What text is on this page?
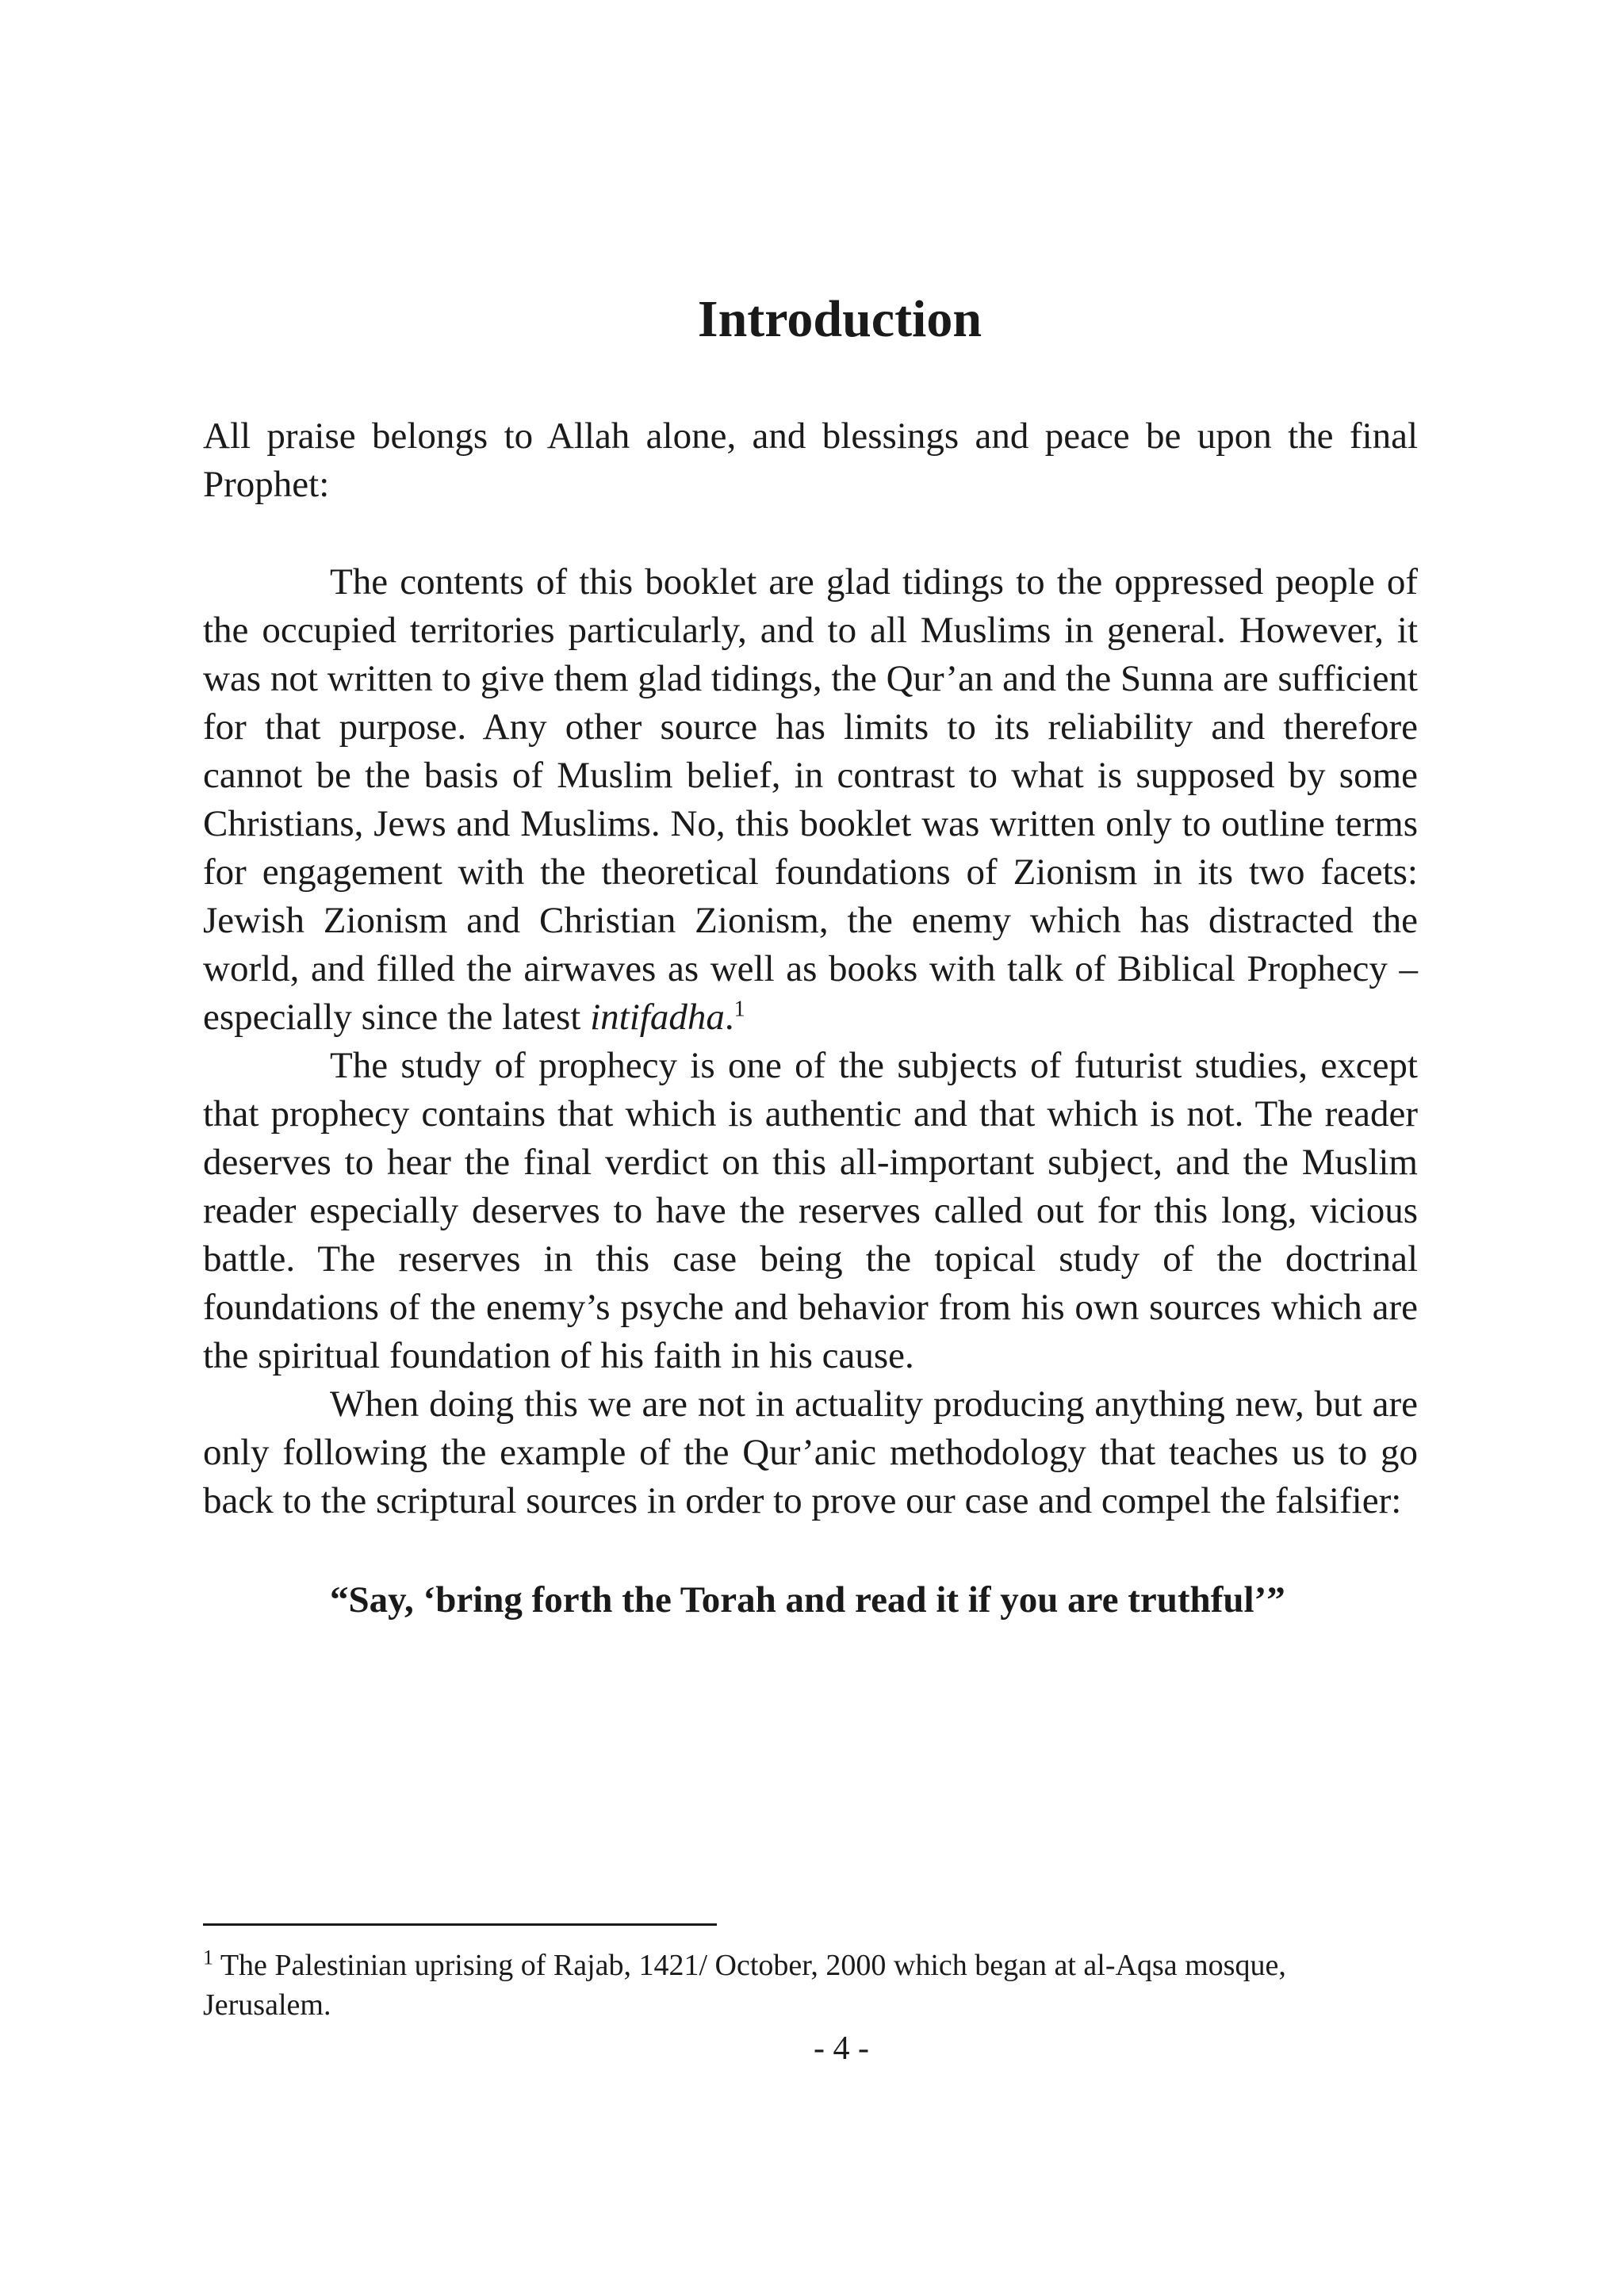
Introduction

All praise belongs to Allah alone, and blessings and peace be upon the final Prophet:

The contents of this booklet are glad tidings to the oppressed people of the occupied territories particularly, and to all Muslims in general. However, it was not written to give them glad tidings, the Qur’an and the Sunna are sufficient for that purpose. Any other source has limits to its reliability and therefore cannot be the basis of Muslim belief, in contrast to what is supposed by some Christians, Jews and Muslims. No, this booklet was written only to outline terms for engagement with the theoretical foundations of Zionism in its two facets: Jewish Zionism and Christian Zionism, the enemy which has distracted the world, and filled the airwaves as well as books with talk of Biblical Prophecy –especially since the latest intifadha.$^1$

The study of prophecy is one of the subjects of futurist studies, except that prophecy contains that which is authentic and that which is not. The reader deserves to hear the final verdict on this all-important subject, and the Muslim reader especially deserves to have the reserves called out for this long, vicious battle. The reserves in this case being the topical study of the doctrinal foundations of the enemy’s psyche and behavior from his own sources which are the spiritual foundation of his faith in his cause.

When doing this we are not in actuality producing anything new, but are only following the example of the Qur’anic methodology that teaches us to go back to the scriptural sources in order to prove our case and compel the falsifier:

“Say, ‘bring forth the Torah and read it if you are truthful’”

$^1$ The Palestinian uprising of Rajab, 1421/ October, 2000 which began at al-Aqsa mosque, Jerusalem.

- 4 -
